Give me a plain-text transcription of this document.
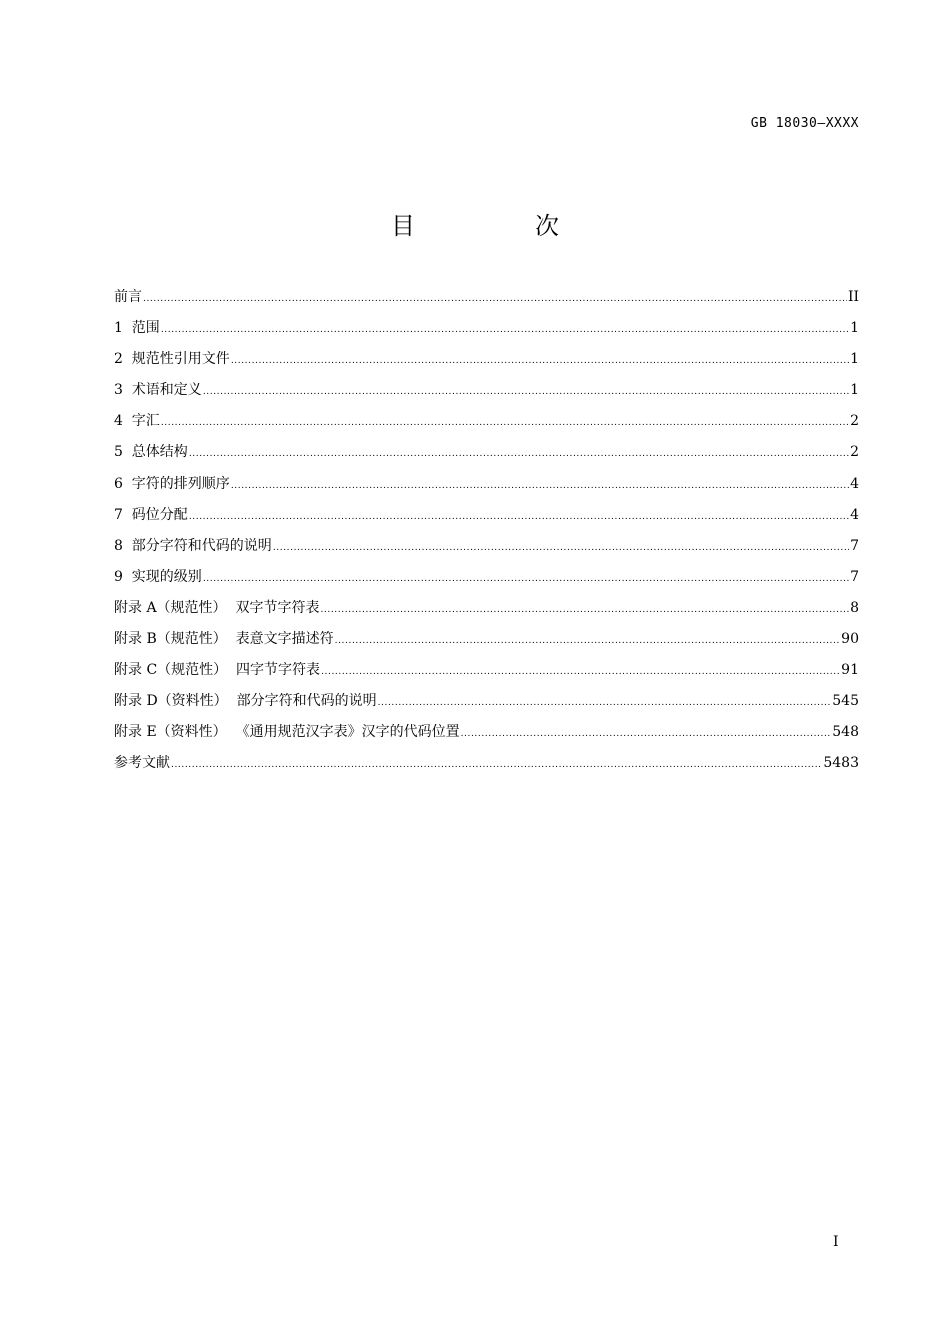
GB 18030—XXXX
目　次
前言 .....	II
1  范围 .....	1
2  规范性引用文件 .....	1
3  术语和定义 .....	1
4  字汇 .....	2
5  总体结构 .....	2
6  字符的排列顺序 .....	4
7  码位分配 .....	4
8  部分字符和代码的说明 .....	7
9  实现的级别 .....	7
附录 A（规范性）  双字节字符表 .....	8
附录 B（规范性）  表意文字描述符 .....	90
附录 C（规范性）  四字节字符表 .....	91
附录 D（资料性）  部分字符和代码的说明 .....	545
附录 E（资料性）  《通用规范汉字表》汉字的代码位置 .....	548
参考文献 .....	5483
I
